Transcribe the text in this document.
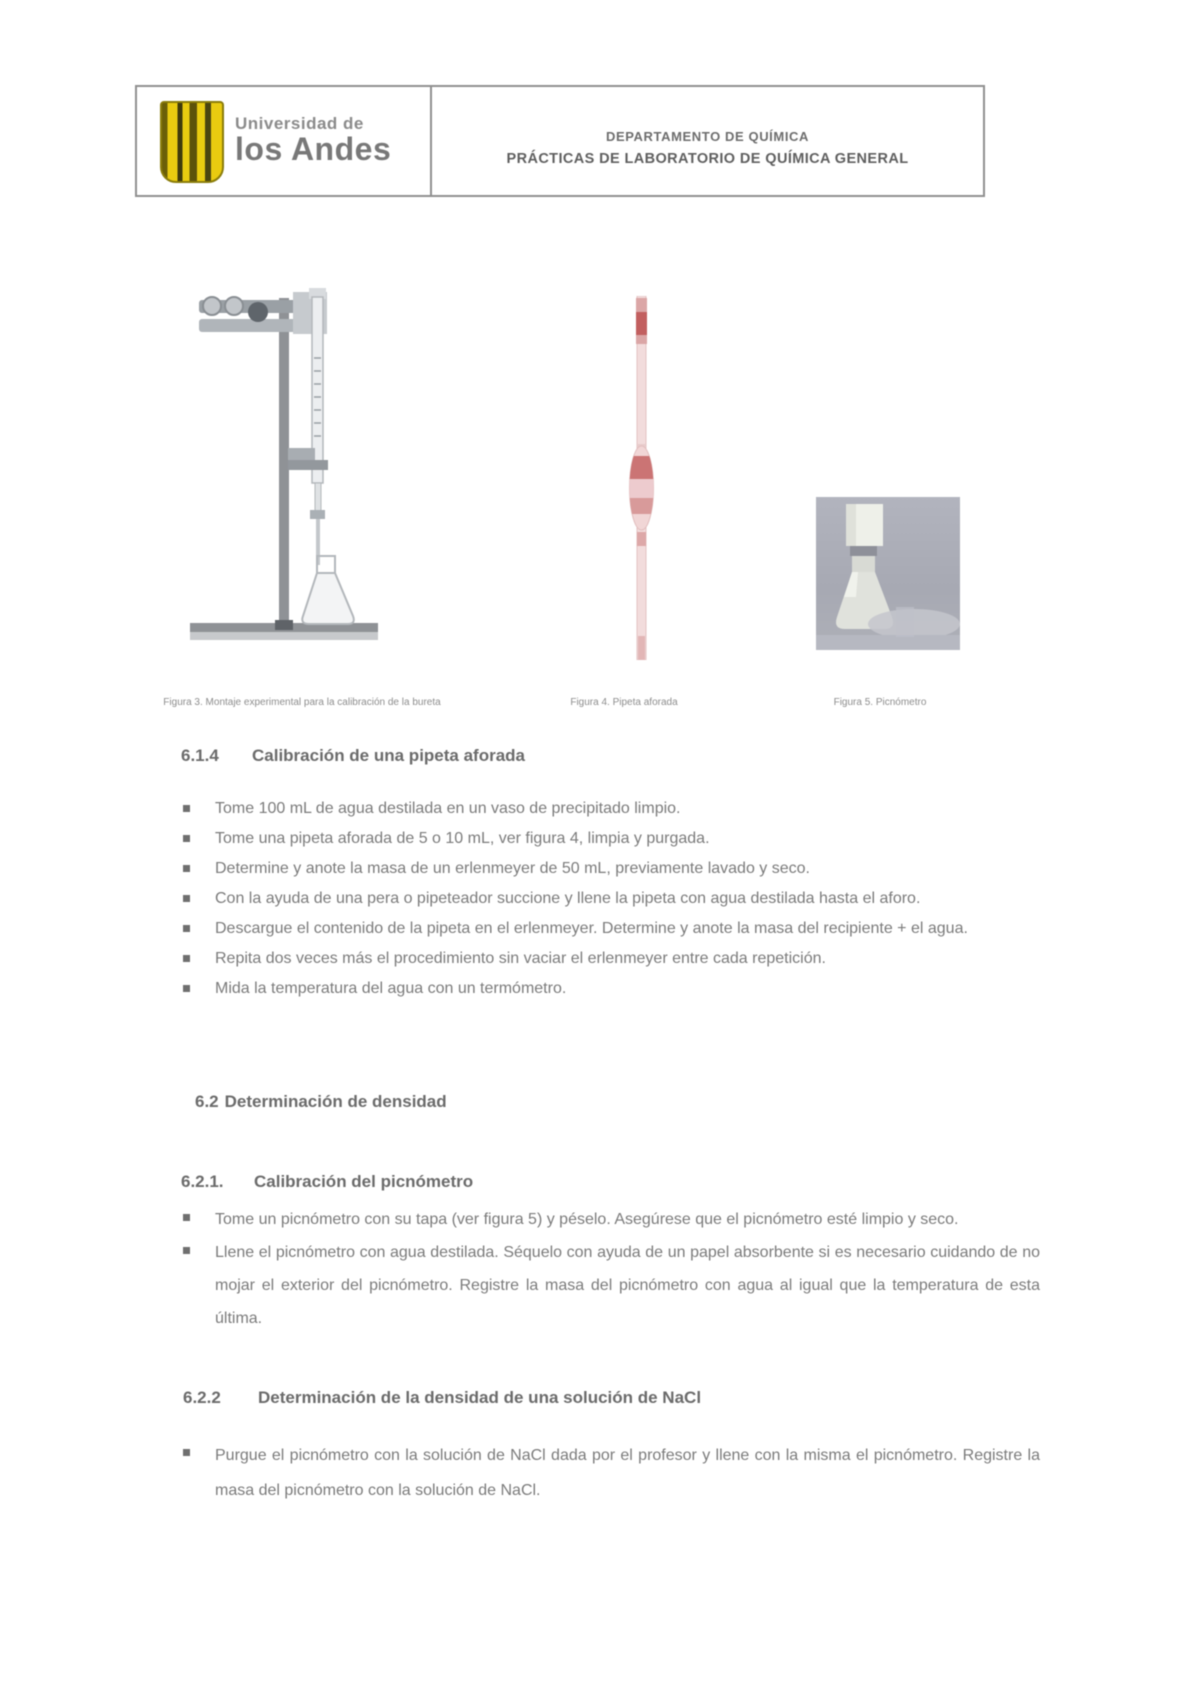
Universidad de
los Andes	DEPARTAMENTO DE QUÍMICA
PRÁCTICAS DE LABORATORIO DE QUÍMICA GENERAL
Figura 3. Montaje experimental para la calibración de la bureta	Figura 4. Pipeta aforada	Figura 5. Picnómetro
6.1.4 Calibración de una pipeta aforada
Tome 100 mL de agua destilada en un vaso de precipitado limpio.
Tome una pipeta aforada de 5 o 10 mL, ver figura 4, limpia y purgada.
Determine y anote la masa de un erlenmeyer de 50 mL, previamente lavado y seco.
Con la ayuda de una pera o pipeteador succione y llene la pipeta con agua destilada hasta el aforo.
Descargue el contenido de la pipeta en el erlenmeyer. Determine y anote la masa del recipiente + el agua.
Repita dos veces más el procedimiento sin vaciar el erlenmeyer entre cada repetición.
Mida la temperatura del agua con un termómetro.
6.2 Determinación de densidad
6.2.1. Calibración del picnómetro
Tome un picnómetro con su tapa (ver figura 5) y péselo. Asegúrese que el picnómetro esté limpio y seco.
Llene el picnómetro con agua destilada. Séquelo con ayuda de un papel absorbente si es necesario cuidando de no mojar el exterior del picnómetro. Registre la masa del picnómetro con agua al igual que la temperatura de esta última.
6.2.2 Determinación de la densidad de una solución de NaCl
Purgue el picnómetro con la solución de NaCl dada por el profesor y llene con la misma el picnómetro. Registre la masa del picnómetro con la solución de NaCl.
